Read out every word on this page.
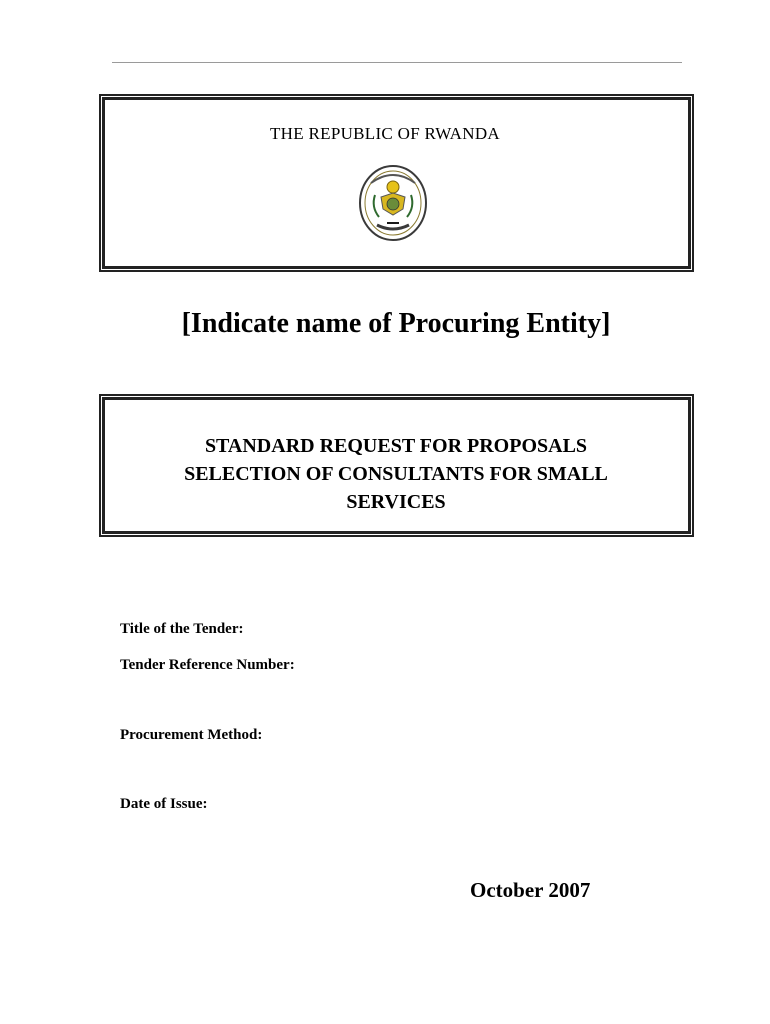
THE REPUBLIC OF RWANDA
[Indicate name of Procuring Entity]
STANDARD REQUEST FOR PROPOSALS
SELECTION OF CONSULTANTS FOR SMALL
SERVICES
Title of the Tender:
Tender Reference Number:
Procurement Method:
Date of Issue:
October 2007
